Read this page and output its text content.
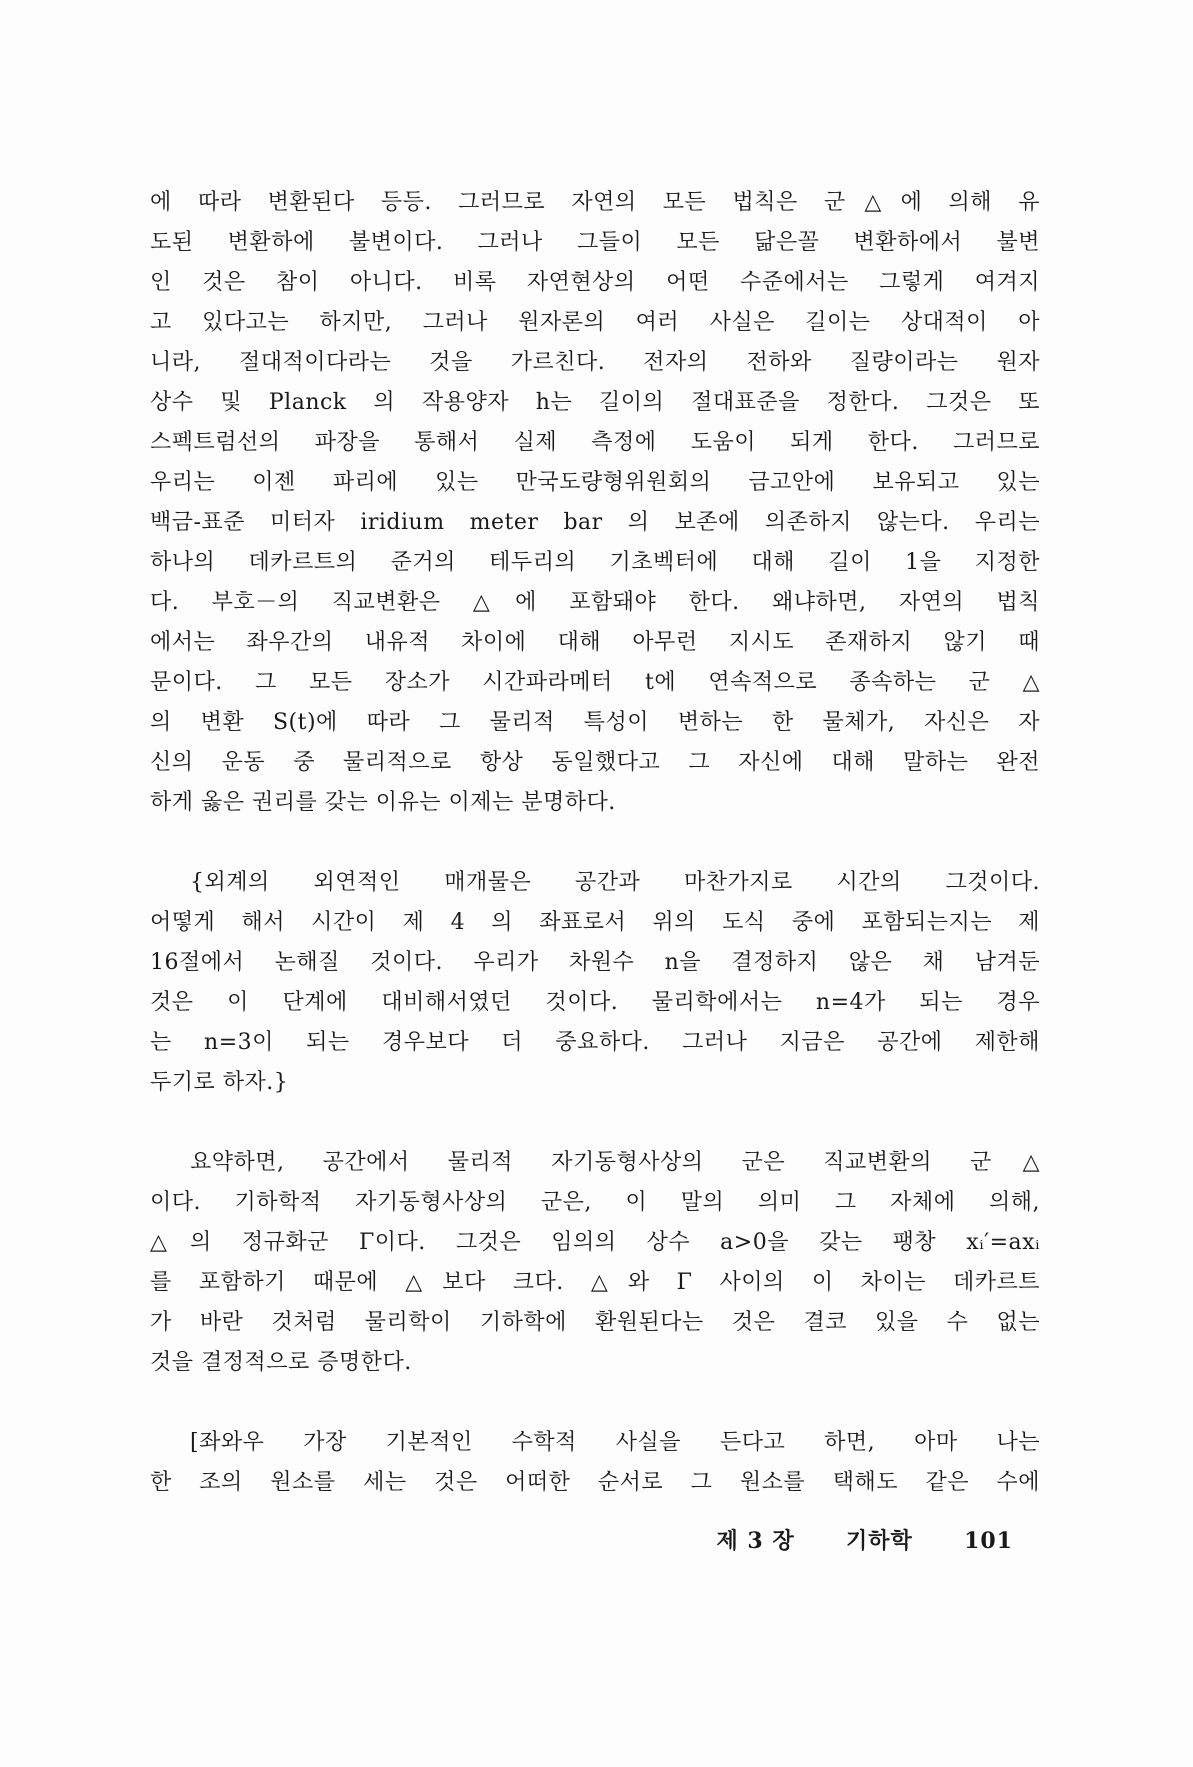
에 따라 변환된다 등등. 그러므로 자연의 모든 법칙은 군△에 의해 유
도된 변환하에 불변이다. 그러나 그들이 모든 닮은꼴 변환하에서 불변
인 것은 참이 아니다. 비록 자연현상의 어떤 수준에서는 그렇게 여겨지
고 있다고는 하지만, 그러나 원자론의 여러 사실은 길이는 상대적이 아
니라, 절대적이다라는 것을 가르친다. 전자의 전하와 질량이라는 원자
상수 및 Planck 의 작용양자 h는 길이의 절대표준을 정한다. 그것은 또
스펙트럼선의 파장을 통해서 실제 측정에 도움이 되게 한다. 그러므로
우리는 이젠 파리에 있는 만국도량형위원회의 금고안에 보유되고 있는
백금-표준 미터자 iridium meter bar 의 보존에 의존하지 않는다. 우리는
하나의 데카르트의 준거의 테두리의 기초벡터에 대해 길이 1을 지정한
다. 부호－의 직교변환은 △에 포함돼야 한다. 왜냐하면, 자연의 법칙
에서는 좌우간의 내유적 차이에 대해 아무런 지시도 존재하지 않기 때
문이다. 그 모든 장소가 시간파라메터 t에 연속적으로 종속하는 군 △
의 변환 S(t)에 따라 그 물리적 특성이 변하는 한 물체가, 자신은 자
신의 운동 중 물리적으로 항상 동일했다고 그 자신에 대해 말하는 완전
하게 옳은 권리를 갖는 이유는 이제는 분명하다.
{외계의 외연적인 매개물은 공간과 마찬가지로 시간의 그것이다.
어떻게 해서 시간이 제 4 의 좌표로서 위의 도식 중에 포함되는지는 제
16절에서 논해질 것이다. 우리가 차원수 n을 결정하지 않은 채 남겨둔
것은 이 단계에 대비해서였던 것이다. 물리학에서는 n=4가 되는 경우
는 n=3이 되는 경우보다 더 중요하다. 그러나 지금은 공간에 제한해
두기로 하자.}
요약하면, 공간에서 물리적 자기동형사상의 군은 직교변환의 군△
이다. 기하학적 자기동형사상의 군은, 이 말의 의미 그 자체에 의해,
△의 정규화군 Γ이다. 그것은 임의의 상수 a>0을 갖는 팽창 xᵢ′=axᵢ
를 포함하기 때문에 △보다 크다. △와 Γ 사이의 이 차이는 데카르트
가 바란 것처럼 물리학이 기하학에 환원된다는 것은 결코 있을 수 없는
것을 결정적으로 증명한다.
[좌와우 가장 기본적인 수학적 사실을 든다고 하면, 아마 나는
한 조의 원소를 세는 것은 어떠한 순서로 그 원소를 택해도 같은 수에
제 3 장 기하학 101
